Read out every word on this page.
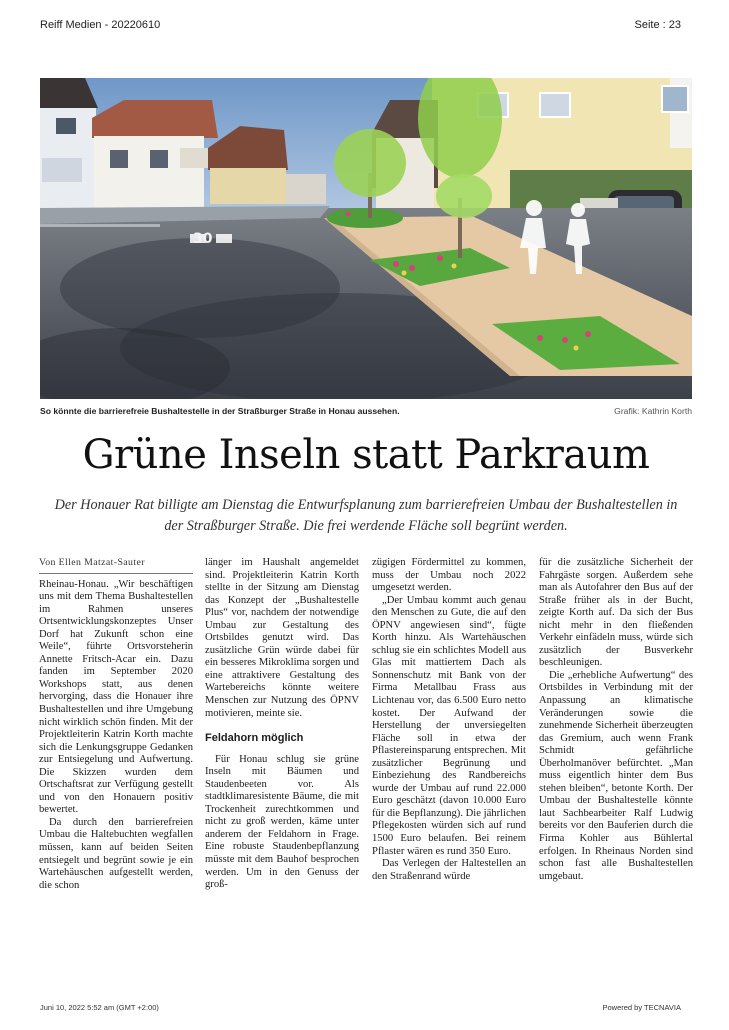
Reiff Medien - 20220610	Seite : 23
30
So könnte die barrierefreie Bushaltestelle in der Straßburger Straße in Honau aussehen.	Grafik: Kathrin Korth
Grüne Inseln statt Parkraum
Der Honauer Rat billigte am Dienstag die Entwurfsplanung zum barrierefreien Umbau der Bushaltestellen in der Straßburger Straße. Die frei werdende Fläche soll begrünt werden.
Von Ellen Matzat-Sauter

Rheinau-Honau. „Wir beschäftigen uns mit dem Thema Bushaltestellen im Rahmen unseres Ortsentwicklungskonzeptes Unser Dorf hat Zukunft schon eine Weile“, führte Ortsvorsteherin Annette Fritsch-Acar ein. Dazu fanden im September 2020 Workshops statt, aus denen hervorging, dass die Honauer ihre Bushaltestellen und ihre Umgebung nicht wirklich schön finden. Mit der Projektleiterin Katrin Korth machte sich die Lenkungsgruppe Gedanken zur Entsiegelung und Aufwertung. Die Skizzen wurden dem Ortschaftsrat zur Verfügung gestellt und von den Honauern positiv bewertet.

Da durch den barrierefreien Umbau die Haltebuchten wegfallen müssen, kann auf beiden Seiten entsiegelt und begrünt sowie je ein Wartehäuschen aufgestellt werden, die schon

länger im Haushalt angemeldet sind. Projektleiterin Katrin Korth stellte in der Sitzung am Dienstag das Konzept der „Bushaltestelle Plus“ vor, nachdem der notwendige Umbau zur Gestaltung des Ortsbildes genutzt wird. Das zusätzliche Grün würde dabei für ein besseres Mikroklima sorgen und eine attraktivere Gestaltung des Wartebereichs könnte weitere Menschen zur Nutzung des ÖPNV motivieren, meinte sie.

Feldahorn möglich

Für Honau schlug sie grüne Inseln mit Bäumen und Staudenbeeten vor. Als stadtklimaresistente Bäume, die mit Trockenheit zurechtkommen und nicht zu groß werden, käme unter anderem der Feldahorn in Frage. Eine robuste Staudenbepflanzung müsste mit dem Bauhof besprochen werden. Um in den Genuss der groß-

zügigen Fördermittel zu kommen, muss der Umbau noch 2022 umgesetzt werden.

„Der Umbau kommt auch genau den Menschen zu Gute, die auf den ÖPNV angewiesen sind“, fügte Korth hinzu. Als Wartehäuschen schlug sie ein schlichtes Modell aus Glas mit mattiertem Dach als Sonnenschutz mit Bank von der Firma Metallbau Frass aus Lichtenau vor, das 6.500 Euro netto kostet. Der Aufwand der Herstellung der unversiegelten Fläche soll in etwa der Pflastereinsparung entsprechen. Mit zusätzlicher Begrünung und Einbeziehung des Randbereichs wurde der Umbau auf rund 22.000 Euro geschätzt (davon 10.000 Euro für die Bepflanzung). Die jährlichen Pflegekosten würden sich auf rund 1500 Euro belaufen. Bei reinem Pflaster wären es rund 350 Euro.

Das Verlegen der Haltestellen an den Straßenrand würde

für die zusätzliche Sicherheit der Fahrgäste sorgen. Außerdem sehe man als Autofahrer den Bus auf der Straße früher als in der Bucht, zeigte Korth auf. Da sich der Bus nicht mehr in den fließenden Verkehr einfädeln muss, würde sich zusätzlich der Busverkehr beschleunigen.

Die „erhebliche Aufwertung“ des Ortsbildes in Verbindung mit der Anpassung an klimatische Veränderungen sowie die zunehmende Sicherheit überzeugten das Gremium, auch wenn Frank Schmidt gefährliche Überholmanöver befürchtet. „Man muss eigentlich hinter dem Bus stehen bleiben“, betonte Korth. Der Umbau der Bushaltestelle könnte laut Sachbearbeiter Ralf Ludwig bereits vor den Bauferien durch die Firma Kohler aus Bühlertal erfolgen. In Rheinaus Norden sind schon fast alle Bushaltestellen umgebaut.

Juni 10, 2022 5:52 am (GMT +2:00)	Powered by TECNAVIA
